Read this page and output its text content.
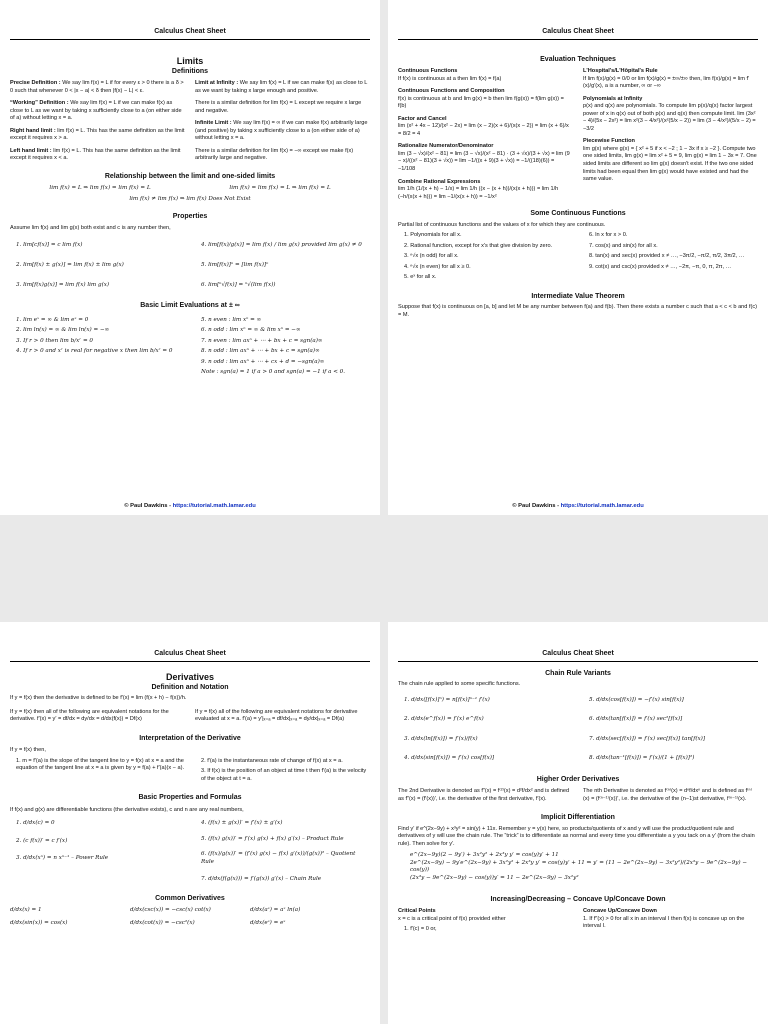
Calculus Cheat Sheet
Limits
Definitions
Precise Definition : We say lim f(x) = L if for every ε > 0 there is a δ > 0 such that whenever 0 < |x − a| < δ then |f(x) − L| < ε.
“Working” Definition : We say lim f(x) = L if we can make f(x) as close to L as we want by taking x sufficiently close to a (on either side of a) without letting x = a.
Right hand limit : lim f(x) = L. This has the same definition as the limit except it requires x > a.
Left hand limit : lim f(x) = L. This has the same definition as the limit except it requires x < a.
Limit at Infinity : We say lim f(x) = L if we can make f(x) as close to L as we want by taking x large enough and positive.
There is a similar definition for lim f(x) = L except we require x large and negative.
Infinite Limit : We say lim f(x) = ∞ if we can make f(x) arbitrarily large (and positive) by taking x sufficiently close to a (on either side of a) without letting x = a.
There is a similar definition for lim f(x) = −∞ except we make f(x) arbitrarily large and negative.
Relationship between the limit and one-sided limits
lim f(x) = L ⇒ lim f(x) = lim f(x) = L	lim f(x) = lim f(x) = L ⇒ lim f(x) = L
lim f(x) ≠ lim f(x) ⇒ lim f(x) Does Not Exist
Properties
Assume lim f(x) and lim g(x) both exist and c is any number then,
1. lim[cf(x)] = c lim f(x)
2. lim[f(x) ± g(x)] = lim f(x) ± lim g(x)
3. lim[f(x)g(x)] = lim f(x) lim g(x)
4. lim[f(x)/g(x)] = lim f(x) / lim g(x) provided lim g(x) ≠ 0
5. lim[f(x)]ⁿ = [lim f(x)]ⁿ
6. lim[ⁿ√f(x)] = ⁿ√(lim f(x))
Basic Limit Evaluations at ± ∞
1. lim eˣ = ∞ & lim eˣ = 0
2. lim ln(x) = ∞ & lim ln(x) = −∞
3. If r > 0 then lim b/xʳ = 0
4. If r > 0 and xʳ is real for negative x then lim b/xʳ = 0
5. n even : lim xⁿ = ∞
6. n odd : lim xⁿ = ∞ & lim xⁿ = −∞
7. n even : lim axⁿ + ⋯ + bx + c = sgn(a)∞
8. n odd : lim axⁿ + ⋯ + bx + c = sgn(a)∞
9. n odd : lim axⁿ + ⋯ + cx + d = −sgn(a)∞
Note : sgn(a) = 1 if a > 0 and sgn(a) = −1 if a < 0.
© Paul Dawkins - https://tutorial.math.lamar.edu
Calculus Cheat Sheet
Evaluation Techniques
Continuous Functions
If f(x) is continuous at a then lim f(x) = f(a)
Continuous Functions and Composition
f(x) is continuous at b and lim g(x) = b then lim f(g(x)) = f(lim g(x)) = f(b)
Factor and Cancel
lim (x² + 4x − 12)/(x² − 2x) = lim (x − 2)(x + 6)/(x(x − 2)) = lim (x + 6)/x = 8/2 = 4
Rationalize Numerator/Denominator
lim (3 − √x)/(x² − 81) = lim (3 − √x)/(x² − 81) · (3 + √x)/(3 + √x) = lim (9 − x)/((x² − 81)(3 + √x)) = lim −1/((x + 9)(3 + √x)) = −1/((18)(6)) = −1/108
Combine Rational Expressions
lim 1/h (1/(x + h) − 1/x) = lim 1/h ((x − (x + h))/(x(x + h))) = lim 1/h (−h/(x(x + h))) = lim −1/(x(x + h)) = −1/x²
L'Hospital's/L'Hôpital's Rule
If lim f(x)/g(x) = 0/0 or lim f(x)/g(x) = ±∞/±∞ then, lim f(x)/g(x) = lim f′(x)/g′(x), a is a number, ∞ or −∞
Polynomials at Infinity
p(x) and q(x) are polynomials. To compute lim p(x)/q(x) factor largest power of x in q(x) out of both p(x) and q(x) then compute limit. lim (3x² − 4)/(5x − 2x²) = lim x²(3 − 4/x²)/(x²(5/x − 2)) = lim (3 − 4/x²)/(5/x − 2) = −3/2
Piecewise Function
lim g(x) where g(x) = { x² + 5 if x < −2 ; 1 − 3x if x ≥ −2 }. Compute two one sided limits, lim g(x) = lim x² + 5 = 9, lim g(x) = lim 1 − 3x = 7. One sided limits are different so lim g(x) doesn't exist. If the two one sided limits had been equal then lim g(x) would have existed and had the same value.
Some Continuous Functions
Partial list of continuous functions and the values of x for which they are continuous.
1. Polynomials for all x.
2. Rational function, except for x's that give division by zero.
3. ⁿ√x (n odd) for all x.
4. ⁿ√x (n even) for all x ≥ 0.
5. eˣ for all x.
6. ln x for x > 0.
7. cos(x) and sin(x) for all x.
8. tan(x) and sec(x) provided x ≠ …, −3π/2, −π/2, π/2, 3π/2, …
9. cot(x) and csc(x) provided x ≠ …, −2π, −π, 0, π, 2π, …
Intermediate Value Theorem
Suppose that f(x) is continuous on [a, b] and let M be any number between f(a) and f(b). Then there exists a number c such that a < c < b and f(c) = M.
© Paul Dawkins - https://tutorial.math.lamar.edu
Calculus Cheat Sheet
Derivatives
Definition and Notation
If y = f(x) then the derivative is defined to be f′(x) = lim (f(x + h) − f(x))/h.
If y = f(x) then all of the following are equivalent notations for the derivative. f′(x) = y′ = df/dx = dy/dx = d/dx(f(x)) = Df(x)
If y = f(x) all of the following are equivalent notations for derivative evaluated at x = a. f′(a) = y′|ₓ₌ₐ = df/dx|ₓ₌ₐ = dy/dx|ₓ₌ₐ = Df(a)
Interpretation of the Derivative
If y = f(x) then,
1. m = f′(a) is the slope of the tangent line to y = f(x) at x = a and the equation of the tangent line at x = a is given by y = f(a) + f′(a)(x − a).
2. f′(a) is the instantaneous rate of change of f(x) at x = a.
3. If f(x) is the position of an object at time t then f′(a) is the velocity of the object at t = a.
Basic Properties and Formulas
If f(x) and g(x) are differentiable functions (the derivative exists), c and n are any real numbers,
1. d/dx(c) = 0
2. (c f(x))′ = c f′(x)
3. d/dx(xⁿ) = n xⁿ⁻¹ – Power Rule
4. (f(x) ± g(x))′ = f′(x) ± g′(x)
5. (f(x) g(x))′ = f′(x) g(x) + f(x) g′(x) – Product Rule
6. (f(x)/g(x))′ = (f′(x) g(x) − f(x) g′(x))/(g(x))² – Quotient Rule
7. d/dx(f(g(x))) = f′(g(x)) g′(x) – Chain Rule
Common Derivatives
d/dx(x) = 1	d/dx(csc(x)) = −csc(x) cot(x)	d/dx(aˣ) = aˣ ln(a)
d/dx(sin(x)) = cos(x)	d/dx(cot(x)) = −csc²(x)	d/dx(eˣ) = eˣ
Calculus Cheat Sheet
Chain Rule Variants
The chain rule applied to some specific functions.
1. d/dx([f(x)]ⁿ) = n[f(x)]ⁿ⁻¹ f′(x)
2. d/dx(e^f(x)) = f′(x) e^f(x)
3. d/dx(ln[f(x)]) = f′(x)/f(x)
4. d/dx(sin[f(x)]) = f′(x) cos[f(x)]
5. d/dx(cos[f(x)]) = −f′(x) sin[f(x)]
6. d/dx(tan[f(x)]) = f′(x) sec²[f(x)]
7. d/dx(sec[f(x)]) = f′(x) sec[f(x)] tan[f(x)]
8. d/dx(tan⁻¹[f(x)]) = f′(x)/(1 + [f(x)]²)
Higher Order Derivatives
The 2nd Derivative is denoted as f″(x) = f⁽²⁾(x) = d²f/dx² and is defined as f″(x) = (f′(x))′, i.e. the derivative of the first derivative, f′(x).
The nth Derivative is denoted as f⁽ⁿ⁾(x) = dⁿf/dxⁿ and is defined as f⁽ⁿ⁾(x) = (f⁽ⁿ⁻¹⁾(x))′, i.e. the derivative of the (n−1)st derivative, f⁽ⁿ⁻¹⁾(x).
Implicit Differentiation
Find y′ if e^(2x−9y) + x³y² = sin(y) + 11x. Remember y = y(x) here, so products/quotients of x and y will use the product/quotient rule and derivatives of y will use the chain rule. The “trick” is to differentiate as normal and every time you differentiate a y you tack on a y′ (from the chain rule). Then solve for y′.
e^(2x−9y)(2 − 9y′) + 3x²y² + 2x³y y′ = cos(y)y′ + 11
2e^(2x−9y) − 9y′e^(2x−9y) + 3x²y² + 2x³y y′ = cos(y)y′ + 11 ⇒ y′ = (11 − 2e^(2x−9y) − 3x²y²)/(2x³y − 9e^(2x−9y) − cos(y))
(2x³y − 9e^(2x−9y) − cos(y))y′ = 11 − 2e^(2x−9y) − 3x²y²
Increasing/Decreasing – Concave Up/Concave Down
Critical Points
x = c is a critical point of f(x) provided either
1. f′(c) = 0 or,
Concave Up/Concave Down
1. If f″(x) > 0 for all x in an interval I then f(x) is concave up on the interval I.
